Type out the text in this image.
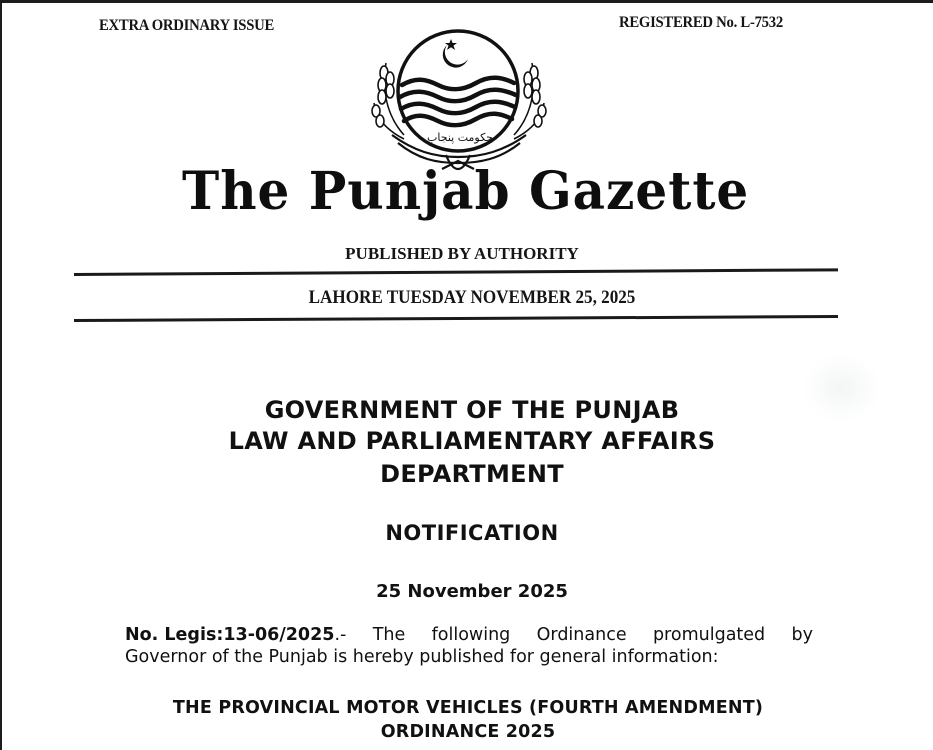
EXTRA ORDINARY ISSUE	REGISTERED No. L-7532
حکومت پنجاب
The Punjab Gazette
PUBLISHED BY AUTHORITY
LAHORE TUESDAY NOVEMBER 25, 2025
GOVERNMENT OF THE PUNJAB
LAW AND PARLIAMENTARY AFFAIRS
DEPARTMENT
NOTIFICATION
25 November 2025
No. Legis:13-06/2025.- The following Ordinance promulgated by
Governor of the Punjab is hereby published for general information:
THE PROVINCIAL MOTOR VEHICLES (FOURTH AMENDMENT)
ORDINANCE 2025
